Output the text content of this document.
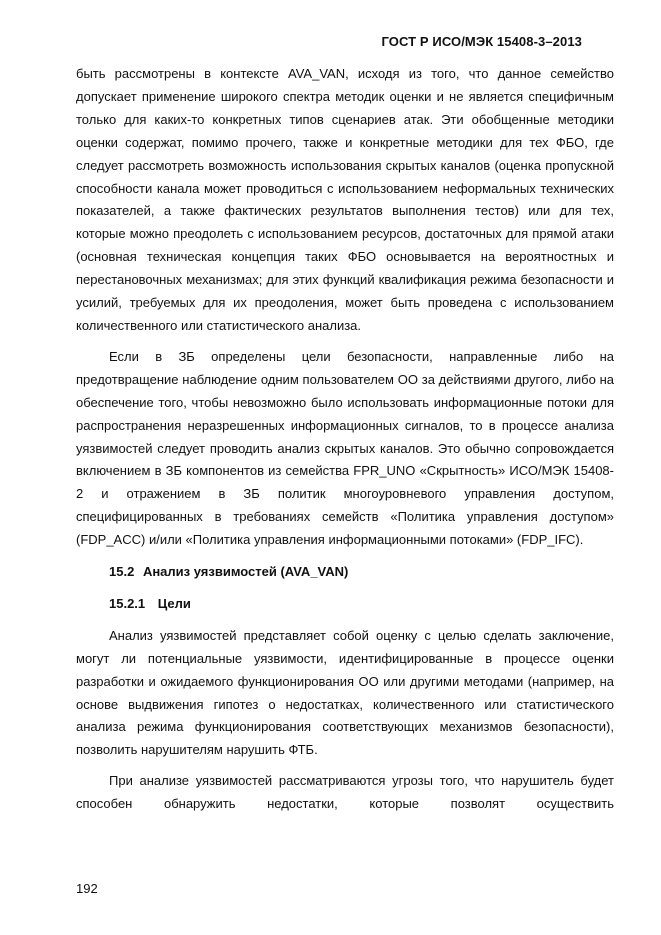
ГОСТ Р ИСО/МЭК 15408-3–2013

быть рассмотрены в контексте AVA_VAN, исходя из того, что данное семейство допускает применение широкого спектра методик оценки и не является специфичным только для каких-то конкретных типов сценариев атак. Эти обобщенные методики оценки содержат, помимо прочего, также и конкретные методики для тех ФБО, где следует рассмотреть возможность использования скрытых каналов (оценка пропускной способности канала может проводиться с использованием неформальных технических показателей, а также фактических результатов выполнения тестов) или для тех, которые можно преодолеть с использованием ресурсов, достаточных для прямой атаки (основная техническая концепция таких ФБО основывается на вероятностных и перестановочных механизмах; для этих функций квалификация режима безопасности и усилий, требуемых для их преодоления, может быть проведена с использованием количественного или статистического анализа.

Если в ЗБ определены цели безопасности, направленные либо на предотвращение наблюдение одним пользователем ОО за действиями другого, либо на обеспечение того, чтобы невозможно было использовать информационные потоки для распространения неразрешенных информационных сигналов, то в процессе анализа уязвимостей следует проводить анализ скрытых каналов. Это обычно сопровождается включением в ЗБ компонентов из семейства FPR_UNO «Скрытность» ИСО/МЭК 15408-2 и отражением в ЗБ политик многоуровневого управления доступом, специфицированных в требованиях семейств «Политика управления доступом» (FDP_ACC) и/или «Политика управления информационными потоками» (FDP_IFC).

15.2 Анализ уязвимостей (AVA_VAN)
15.2.1 Цели

Анализ уязвимостей представляет собой оценку с целью сделать заключение, могут ли потенциальные уязвимости, идентифицированные в процессе оценки разработки и ожидаемого функционирования ОО или другими методами (например, на основе выдвижения гипотез о недостатках, количественного или статистического анализа режима функционирования соответствующих механизмов безопасности), позволить нарушителям нарушить ФТБ.

При анализе уязвимостей рассматриваются угрозы того, что нарушитель будет способен обнаружить недостатки, которые позволят осуществить

192
